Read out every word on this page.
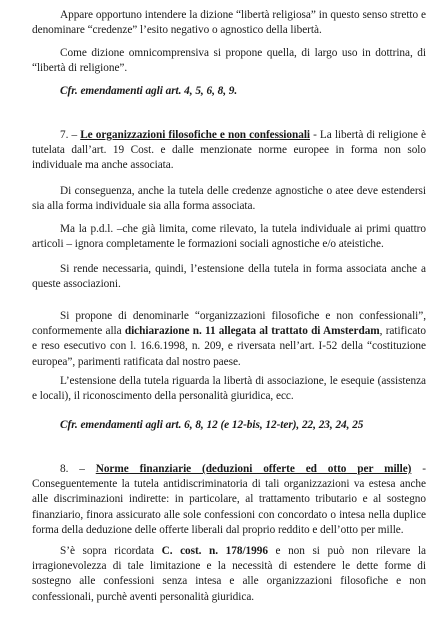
Appare opportuno intendere la dizione “libertà religiosa” in questo senso stretto e denominare “credenze” l’esito negativo o agnostico della libertà.

Come dizione omnicomprensiva si propone quella, di largo uso in dottrina, di “libertà di religione”.

Cfr. emendamenti agli art. 4, 5, 6, 8, 9.

7. – Le organizzazioni filosofiche e non confessionali - La libertà di religione è tutelata dall’art. 19 Cost. e dalle menzionate norme europee in forma non solo individuale ma anche associata.

Di conseguenza, anche la tutela delle credenze agnostiche o atee deve estendersi sia alla forma individuale sia alla forma associata.

Ma la p.d.l. –che già limita, come rilevato, la tutela individuale ai primi quattro articoli – ignora completamente le formazioni sociali agnostiche e/o ateistiche.

Si rende necessaria, quindi, l’estensione della tutela in forma associata anche a queste associazioni.

Si propone di denominarle “organizzazioni filosofiche e non confessionali”, conformemente alla dichiarazione n. 11 allegata al trattato di Amsterdam, ratificato e reso esecutivo con l. 16.6.1998, n. 209, e riversata nell’art. I-52 della “costituzione europea”, parimenti ratificata dal nostro paese.

L’estensione della tutela riguarda la libertà di associazione, le esequie (assistenza e locali), il riconoscimento della personalità giuridica, ecc.

Cfr. emendamenti agli art. 6, 8, 12 (e 12-bis, 12-ter), 22, 23, 24, 25

8. – Norme finanziarie (deduzioni offerte ed otto per mille) - Conseguentemente la tutela antidiscriminatoria di tali organizzazioni va estesa anche alle discriminazioni indirette: in particolare, al trattamento tributario e al sostegno finanziario, finora assicurato alle sole confessioni con concordato o intesa nella duplice forma della deduzione delle offerte liberali dal proprio reddito e dell’otto per mille.

S’è sopra ricordata C. cost. n. 178/1996 e non si può non rilevare la irragionevolezza di tale limitazione e la necessità di estendere le dette forme di sostegno alle confessioni senza intesa e alle organizzazioni filosofiche e non confessionali, purchè aventi personalità giuridica.
